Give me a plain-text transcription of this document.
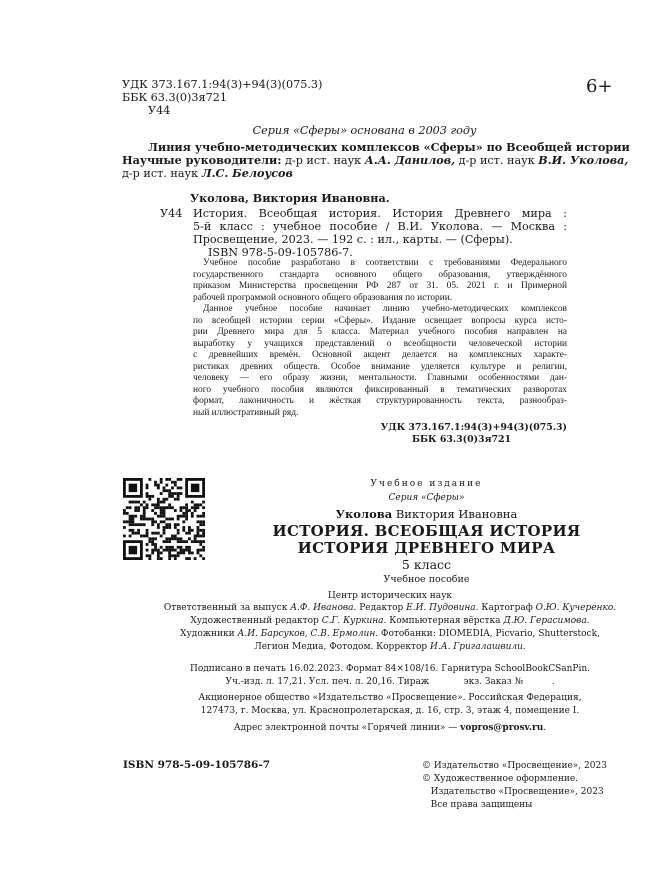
УДК 373.167.1:94(3)+94(3)(075.3)
ББК 63.3(0)3я721
У44
6+
Серия «Сферы» основана в 2003 году
Линия учебно-методических комплексов «Сферы» по Всеобщей истории
Научные руководители: д-р ист. наук А.А. Данилов, д-р ист. наук В.И. Уколова,
д-р ист. наук Л.С. Белоусов
Уколова, Виктория Ивановна.
У44 История. Всеобщая история. История Древнего мира :
5-й класс : учебное пособие / В.И. Уколова. — Москва :
Просвещение, 2023. — 192 с. : ил., карты. — (Сферы).
ISBN 978-5-09-105786-7.
Учебное пособие разработано в соответствии с требованиями Федерального
государственного стандарта основного общего образования, утверждённого
приказом Министерства просвещения РФ 287 от 31. 05. 2021 г. и Примерной
рабочей программой основного общего образования по истории.
Данное учебное пособие начинает линию учебно-методических комплексов
по всеобщей истории серии «Сферы». Издание освещает вопросы курса исто-
рии Древнего мира для 5 класса. Материал учебного пособия направлен на
выработку у учащихся представлений о всеобщности человеческой истории
с древнейших времён. Основной акцент делается на комплексных характе-
ристиках древних обществ. Особое внимание уделяется культуре и религии,
человеку — его образу жизни, ментальности. Главными особенностями дан-
ного учебного пособия являются фиксированный в тематических разворотах
формат, лаконичность и жёсткая структурированность текста, разнообраз-
ный иллюстративный ряд.
УДК 373.167.1:94(3)+94(3)(075.3)
ББК 63.3(0)3я721
Учебное издание
Серия «Сферы»
Уколова Виктория Ивановна
ИСТОРИЯ. ВСЕОБЩАЯ ИСТОРИЯ
ИСТОРИЯ ДРЕВНЕГО МИРА
5 класс
Учебное пособие
Центр исторических наук
Ответственный за выпуск А.Ф. Иванова. Редактор Е.И. Пудовина. Картограф О.Ю. Кучеренко.
Художественный редактор С.Г. Куркина. Компьютерная вёрстка Д.Ю. Герасимова.
Художники А.И. Барсуков, С.В. Ермолин. Фотобанки: DIOMEDIA, Picvario, Shutterstock,
Легион Медиа, Фотодом. Корректор И.А. Григалашвили.
Подписано в печать 16.02.2023. Формат 84×108/16. Гарнитура SchoolBookCSanPin.
Уч.-изд. л. 17,21. Усл. печ. л. 20,16. Тираж            экз. Заказ №          .
Акционерное общество «Издательство «Просвещение». Российская Федерация,
127473, г. Москва, ул. Краснопролетарская, д. 16, стр. 3, этаж 4, помещение I.
Адрес электронной почты «Горячей линии» — vopros@prosv.ru.
ISBN 978-5-09-105786-7	© Издательство «Просвещение», 2023
© Художественное оформление.
Издательство «Просвещение», 2023
Все права защищены
